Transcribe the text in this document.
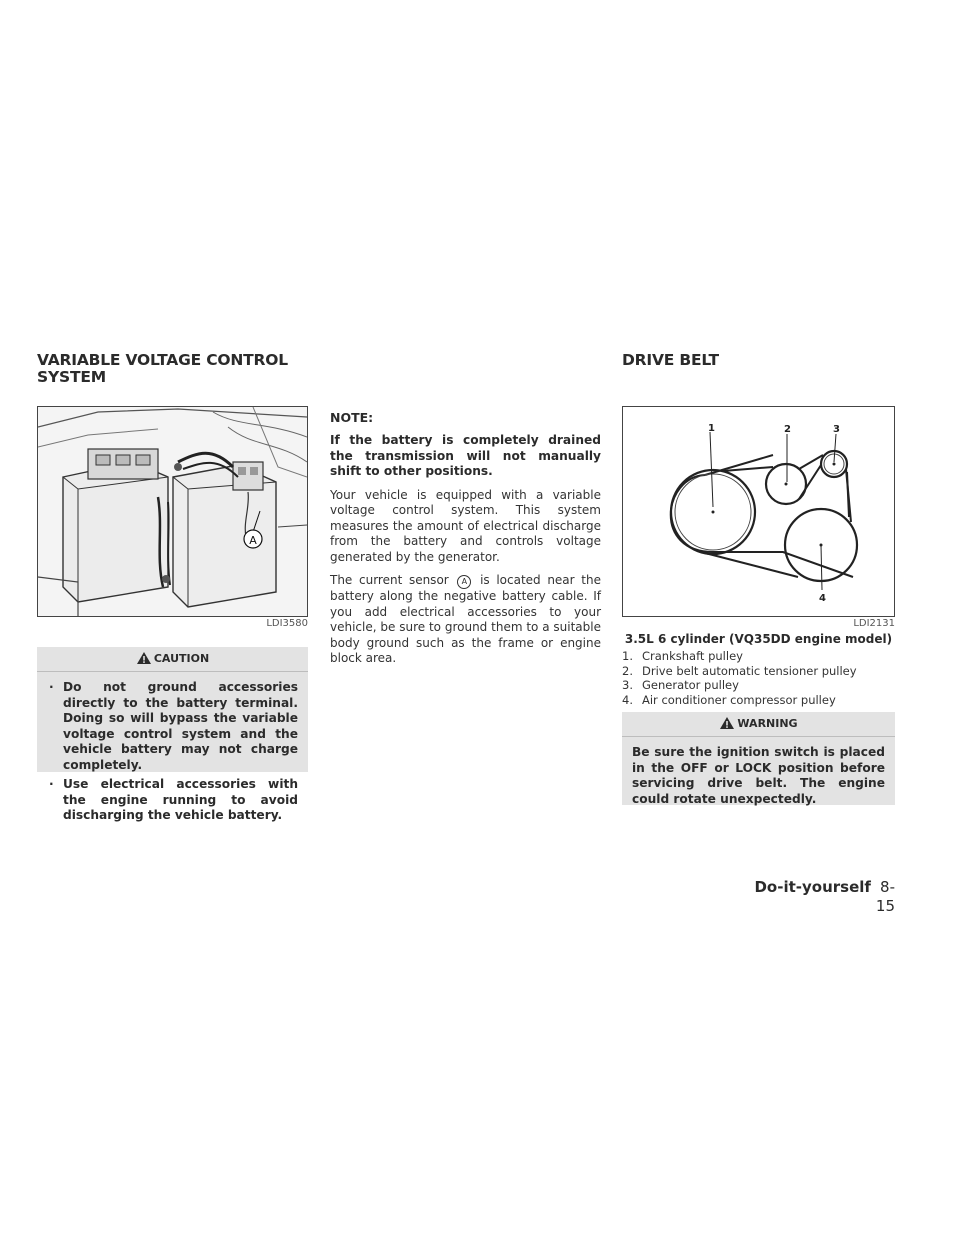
VARIABLE VOLTAGE CONTROL
SYSTEM
A
LDI3580
CAUTION
· Do not ground accessories directly to the battery terminal. Doing so will bypass the variable voltage control system and the vehicle battery may not charge completely.
· Use electrical accessories with the engine running to avoid discharging the vehicle battery.

NOTE:

If the battery is completely drained the transmission will not manually shift to other positions.

Your vehicle is equipped with a variable voltage control system. This system measures the amount of electrical discharge from the battery and controls voltage generated by the generator.

The current sensor A is located near the battery along the negative battery cable. If you add electrical accessories to your vehicle, be sure to ground them to a suitable body ground such as the frame or engine block area.

DRIVE BELT
1	2	3
4
LDI2131
3.5L 6 cylinder (VQ35DD engine model)
1. Crankshaft pulley
2. Drive belt automatic tensioner pulley
3. Generator pulley
4. Air conditioner compressor pulley
WARNING

Be sure the ignition switch is placed in the OFF or LOCK position before servicing drive belt. The engine could rotate unexpectedly.

Do-it-yourself 8-15
